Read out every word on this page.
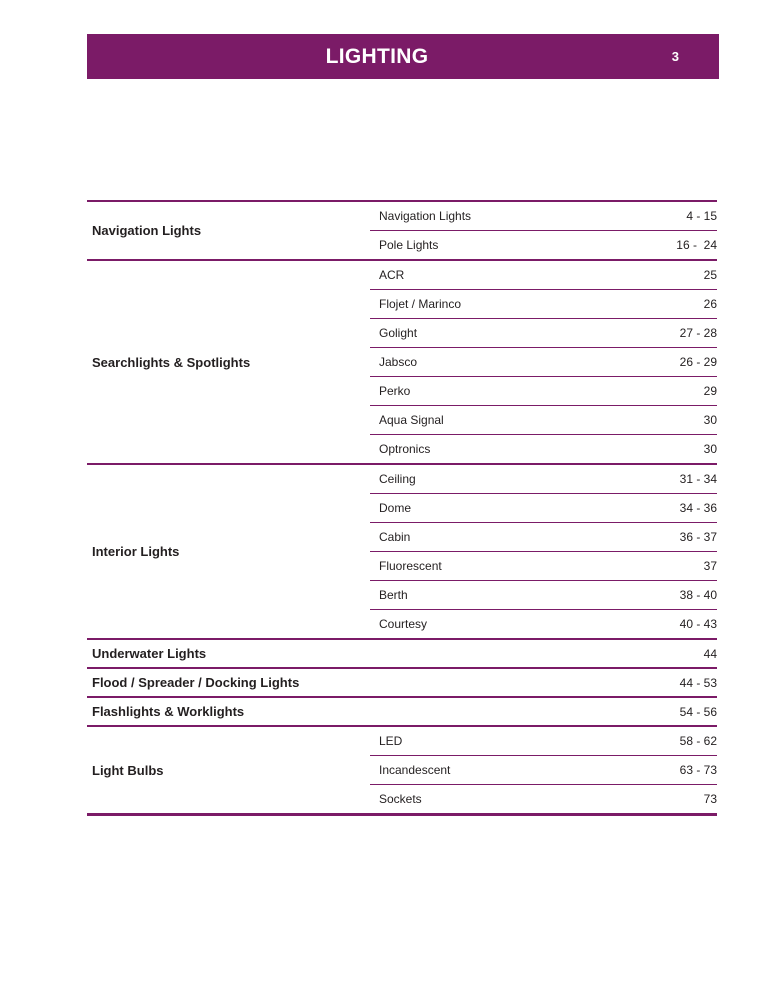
LIGHTING	3
Navigation Lights
Navigation Lights	4 - 15
Pole Lights	16 -  24
Searchlights & Spotlights
ACR	25
Flojet / Marinco	26
Golight	27 - 28
Jabsco	26 - 29
Perko	29
Aqua Signal	30
Optronics	30
Interior Lights
Ceiling	31 - 34
Dome	34 - 36
Cabin	36 - 37
Fluorescent	37
Berth	38 - 40
Courtesy	40 - 43
Underwater Lights	44
Flood / Spreader / Docking Lights	44 - 53
Flashlights & Worklights	54 - 56
Light Bulbs
LED	58 - 62
Incandescent	63 - 73
Sockets	73
